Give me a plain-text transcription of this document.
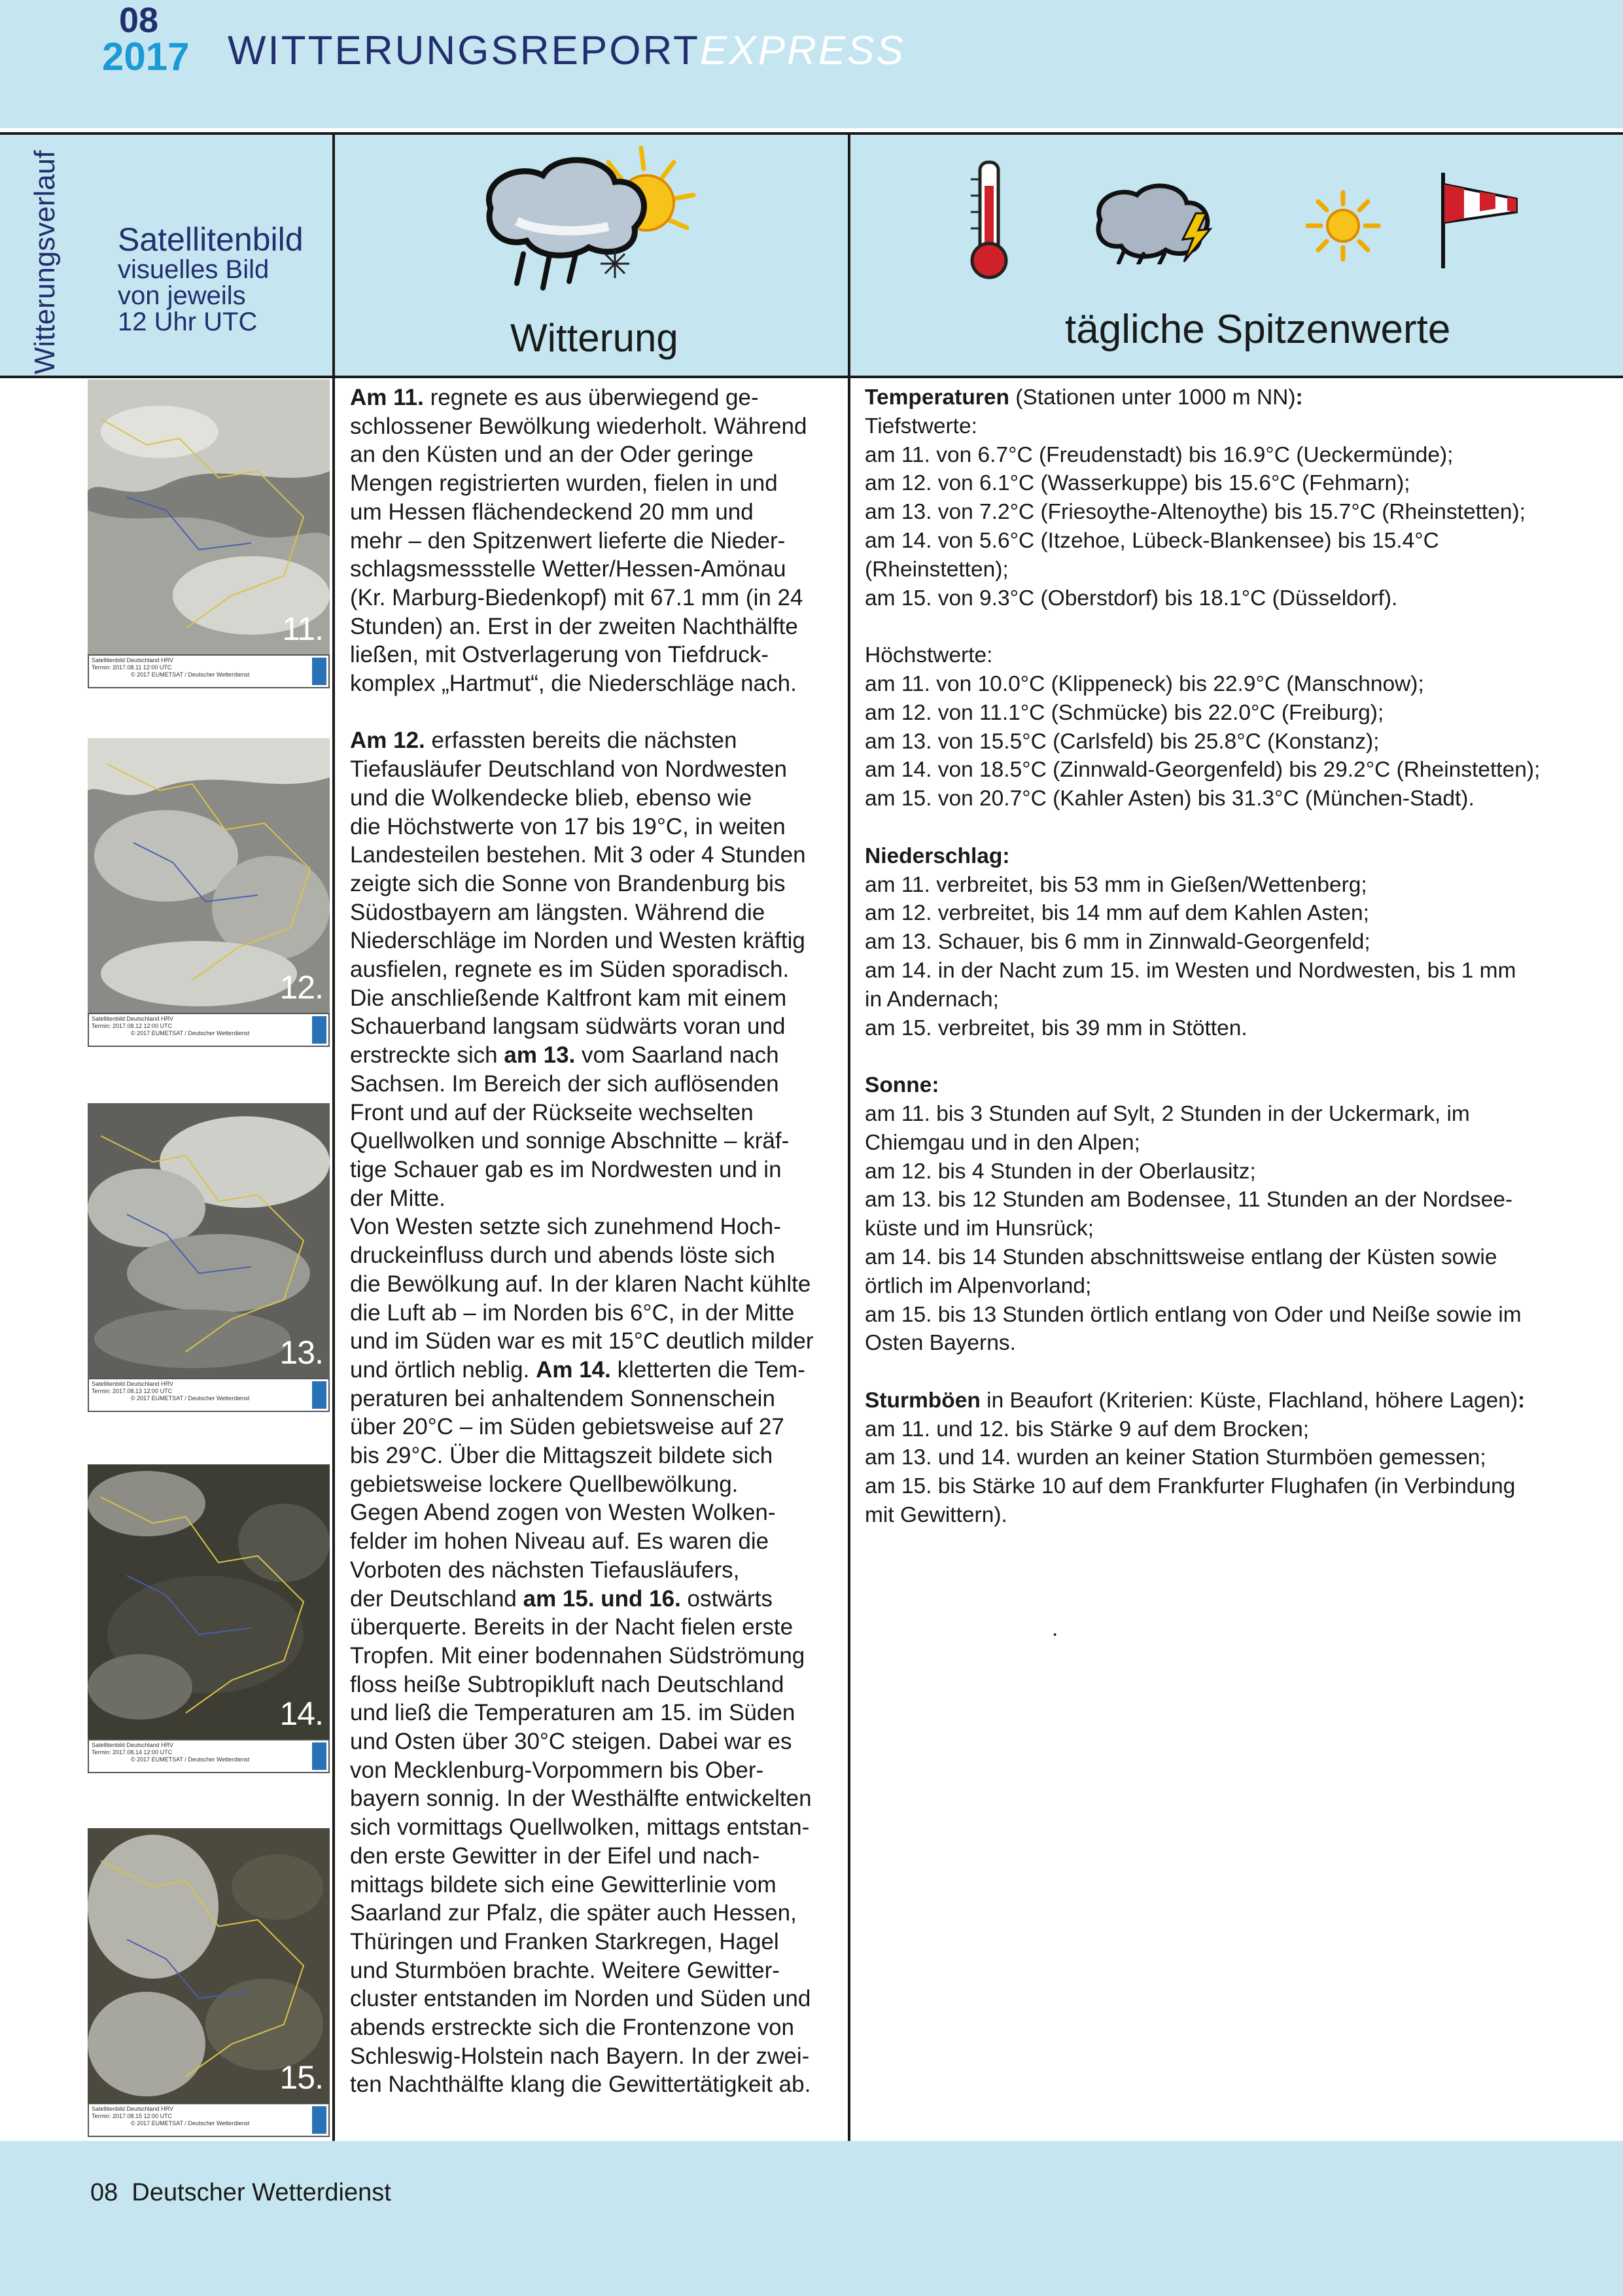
08
2017 WITTERUNGSREPORTEXPRESS
Witterungsverlauf Satellitenbild
visuelles Bild
von jeweils
12 Uhr UTC	Witterung	tägliche Spitzenwerte
11.
Satellitenbild Deutschland HRV
Termin: 2017.08.11 12:00 UTC
© 2017 EUMETSAT / Deutscher Wetterdienst
12.
Satellitenbild Deutschland HRV
Termin: 2017.08.12 12:00 UTC
© 2017 EUMETSAT / Deutscher Wetterdienst
13.
Satellitenbild Deutschland HRV
Termin: 2017.08.13 12:00 UTC
© 2017 EUMETSAT / Deutscher Wetterdienst
14.
Satellitenbild Deutschland HRV
Termin: 2017.08.14 12:00 UTC
© 2017 EUMETSAT / Deutscher Wetterdienst
15.
Satellitenbild Deutschland HRV
Termin: 2017.08.15 12:00 UTC
© 2017 EUMETSAT / Deutscher Wetterdienst
Am 11. regnete es aus überwiegend ge-
schlossener Bewölkung wiederholt. Während
an den Küsten und an der Oder geringe
Mengen registrierten wurden, fielen in und
um Hessen flächendeckend 20 mm und
mehr – den Spitzenwert lieferte die Nieder-
schlagsmessstelle Wetter/Hessen-Amönau
(Kr. Marburg-Biedenkopf) mit 67.1 mm (in 24
Stunden) an. Erst in der zweiten Nachthälfte
ließen, mit Ostverlagerung von Tiefdruck-
komplex „Hartmut“, die Niederschläge nach.

Am 12. erfassten bereits die nächsten
Tiefausläufer Deutschland von Nordwesten
und die Wolkendecke blieb, ebenso wie
die Höchstwerte von 17 bis 19°C, in weiten
Landesteilen bestehen. Mit 3 oder 4 Stunden
zeigte sich die Sonne von Brandenburg bis
Südostbayern am längsten. Während die
Niederschläge im Norden und Westen kräftig
ausfielen, regnete es im Süden sporadisch.
Die anschließende Kaltfront kam mit einem
Schauerband langsam südwärts voran und
erstreckte sich am 13. vom Saarland nach
Sachsen. Im Bereich der sich auflösenden
Front und auf der Rückseite wechselten
Quellwolken und sonnige Abschnitte – kräf-
tige Schauer gab es im Nordwesten und in
der Mitte.
Von Westen setzte sich zunehmend Hoch-
druckeinfluss durch und abends löste sich
die Bewölkung auf. In der klaren Nacht kühlte
die Luft ab – im Norden bis 6°C, in der Mitte
und im Süden war es mit 15°C deutlich milder
und örtlich neblig. Am 14. kletterten die Tem-
peraturen bei anhaltendem Sonnenschein
über 20°C – im Süden gebietsweise auf 27
bis 29°C. Über die Mittagszeit bildete sich
gebietsweise lockere Quellbewölkung.
Gegen Abend zogen von Westen Wolken-
felder im hohen Niveau auf. Es waren die
Vorboten des nächsten Tiefausläufers,
der Deutschland am 15. und 16. ostwärts
überquerte. Bereits in der Nacht fielen erste
Tropfen. Mit einer bodennahen Südströmung
floss heiße Subtropikluft nach Deutschland
und ließ die Temperaturen am 15. im Süden
und Osten über 30°C steigen. Dabei war es
von Mecklenburg-Vorpommern bis Ober-
bayern sonnig. In der Westhälfte entwickelten
sich vormittags Quellwolken, mittags entstan-
den erste Gewitter in der Eifel und nach-
mittags bildete sich eine Gewitterlinie vom
Saarland zur Pfalz, die später auch Hessen,
Thüringen und Franken Starkregen, Hagel
und Sturmböen brachte. Weitere Gewitter-
cluster entstanden im Norden und Süden und
abends erstreckte sich die Frontenzone von
Schleswig-Holstein nach Bayern. In der zwei-
ten Nachthälfte klang die Gewittertätigkeit ab.

Temperaturen (Stationen unter 1000 m NN):

Tiefstwerte:

am 11. von 6.7°C (Freudenstadt) bis 16.9°C (Ueckermünde);

am 12. von 6.1°C (Wasserkuppe) bis 15.6°C (Fehmarn);

am 13. von 7.2°C (Friesoythe-Altenoythe) bis 15.7°C (Rheinstetten);

am 14. von 5.6°C (Itzehoe, Lübeck-Blankensee) bis 15.4°C
(Rheinstetten);

am 15. von 9.3°C (Oberstdorf) bis 18.1°C (Düsseldorf).

Höchstwerte:

am 11. von 10.0°C (Klippeneck) bis 22.9°C (Manschnow);

am 12. von 11.1°C (Schmücke) bis 22.0°C (Freiburg);

am 13. von 15.5°C (Carlsfeld) bis 25.8°C (Konstanz);

am 14. von 18.5°C (Zinnwald-Georgenfeld) bis 29.2°C (Rheinstetten);

am 15. von 20.7°C (Kahler Asten) bis 31.3°C (München-Stadt).

Niederschlag:

am 11. verbreitet, bis 53 mm in Gießen/Wettenberg;

am 12. verbreitet, bis 14 mm auf dem Kahlen Asten;

am 13. Schauer, bis 6 mm in Zinnwald-Georgenfeld;

am 14. in der Nacht zum 15. im Westen und Nordwesten, bis 1 mm
in Andernach;

am 15. verbreitet, bis 39 mm in Stötten.

Sonne:

am 11. bis 3 Stunden auf Sylt, 2 Stunden in der Uckermark, im
Chiemgau und in den Alpen;

am 12. bis 4 Stunden in der Oberlausitz;

am 13. bis 12 Stunden am Bodensee, 11 Stunden an der Nordsee-
küste und im Hunsrück;

am 14. bis 14 Stunden abschnittsweise entlang der Küsten sowie
örtlich im Alpenvorland;

am 15. bis 13 Stunden örtlich entlang von Oder und Neiße sowie im
Osten Bayerns.

Sturmböen in Beaufort (Kriterien: Küste, Flachland, höhere Lagen):

am 11. und 12. bis Stärke 9 auf dem Brocken;

am 13. und 14. wurden an keiner Station Sturmböen gemessen;

am 15. bis Stärke 10 auf dem Frankfurter Flughafen (in Verbindung
mit Gewittern).

.
08 Deutscher Wetterdienst
